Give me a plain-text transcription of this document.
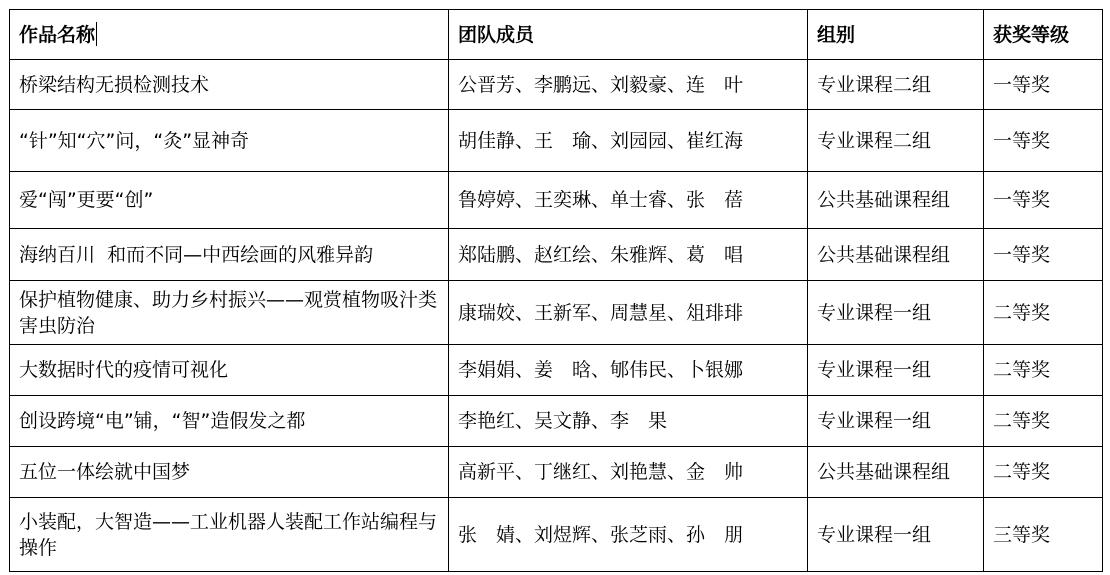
作品名称	团队成员	组别	获奖等级
桥梁结构无损检测技术	公晋芳、李鹏远、刘毅豪、连　叶	专业课程二组	一等奖
“针”知“穴”问，“灸”显神奇	胡佳静、王　瑜、刘园园、崔红海	专业课程二组	一等奖
爱“闯”更要“创”	鲁婷婷、王奕琳、单士睿、张　蓓	公共基础课程组	一等奖
海纳百川  和而不同—中西绘画的风雅异韵	郑陆鹏、赵红绘、朱雅辉、葛　唱	公共基础课程组	一等奖
保护植物健康、助力乡村振兴——观赏植物吸汁类害虫防治	康瑞姣、王新军、周慧星、俎琲琲	专业课程一组	二等奖
大数据时代的疫情可视化	李娟娟、姜　晗、郇伟民、卜银娜	专业课程一组	二等奖
创设跨境“电”铺，“智”造假发之都	李艳红、吴文静、李　果	专业课程一组	二等奖
五位一体绘就中国梦	高新平、丁继红、刘艳慧、金　帅	公共基础课程组	二等奖
小装配，大智造——工业机器人装配工作站编程与操作	张　婧、刘煜辉、张芝雨、孙　朋	专业课程一组	三等奖
